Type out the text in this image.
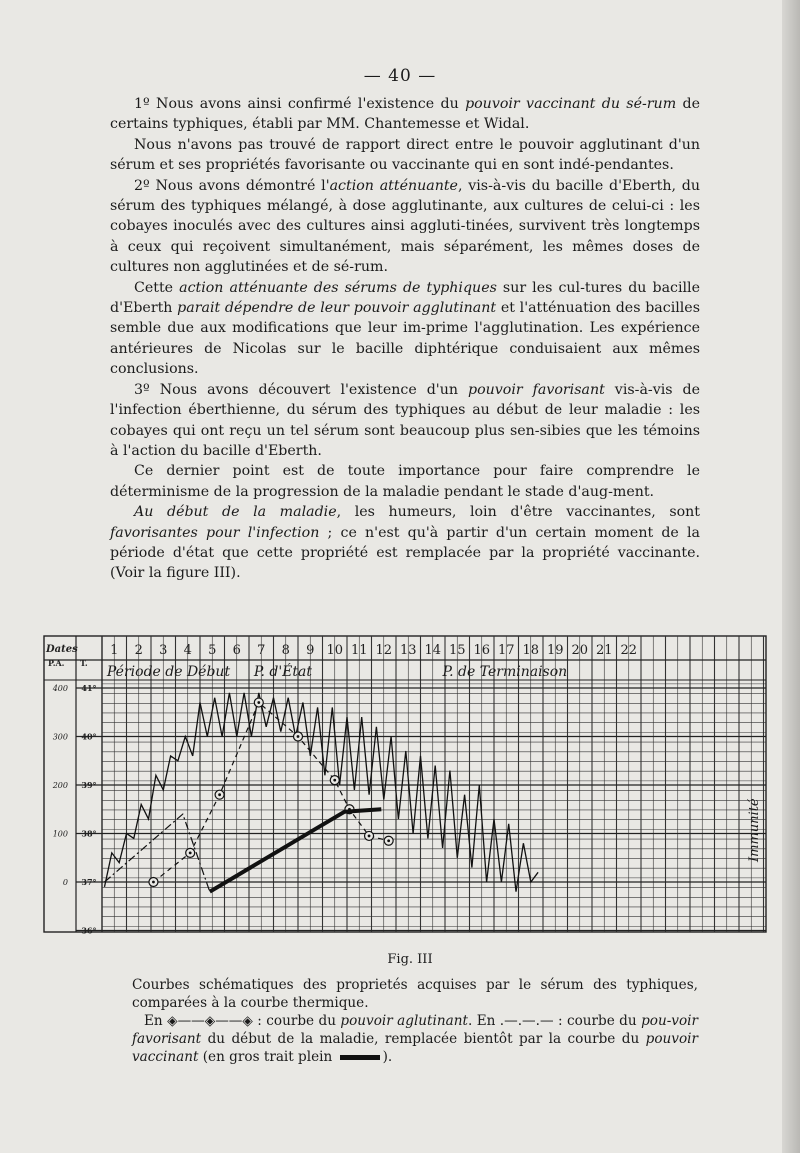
— 40 —

1º Nous avons ainsi confirmé l'existence du pouvoir vaccinant du sé-rum de certains typhiques, établi par MM. Chantemesse et Widal.

Nous n'avons pas trouvé de rapport direct entre le pouvoir agglutinant d'un sérum et ses propriétés favorisante ou vaccinante qui en sont indé-pendantes.

2º Nous avons démontré l'action atténuante, vis-à-vis du bacille d'Eberth, du sérum des typhiques mélangé, à dose agglutinante, aux cultures de celui-ci : les cobayes inoculés avec des cultures ainsi aggluti-tinées, survivent très longtemps à ceux qui reçoivent simultanément, mais séparément, les mêmes doses de cultures non agglutinées et de sé-rum.

Cette action atténuante des sérums de typhiques sur les cul-tures du bacille d'Eberth parait dépendre de leur pouvoir agglutinant et l'atténuation des bacilles semble due aux modifications que leur im-prime l'agglutination. Les expérience antérieures de Nicolas sur le bacille diphtérique conduisaient aux mêmes conclusions.

3º Nous avons découvert l'existence d'un pouvoir favorisant vis-à-vis de l'infection éberthienne, du sérum des typhiques au début de leur maladie : les cobayes qui ont reçu un tel sérum sont beaucoup plus sen-sibies que les témoins à l'action du bacille d'Eberth.

Ce dernier point est de toute importance pour faire comprendre le déterminisme de la progression de la maladie pendant le stade d'aug-ment.

Au début de la maladie, les humeurs, loin d'être vaccinantes, sont favorisantes pour l'infection ; ce n'est qu'à partir d'un certain moment de la période d'état que cette propriété est remplacée par la propriété vaccinante. (Voir la figure III).

1 2 3 4 5 6 7 8 9 10 11 12 13 14 15 16 17 18 19 20 21 22
Dates
P.A. T.
400
300
200
100
0
41°
40°
39°
38°
37°
36°
Période de Début P. d'État	P. de Terminaison
Immunité
Fig. III

Courbes schématiques des proprietés acquises par le sérum des typhiques, comparées à la courbe thermique.

En ◈——◈——◈ : courbe du pouvoir aglutinant. En .—.—.— : courbe du pou-voir favorisant du début de la maladie, remplacée bientôt par la courbe du pouvoir vaccinant (en gros trait plein	).
